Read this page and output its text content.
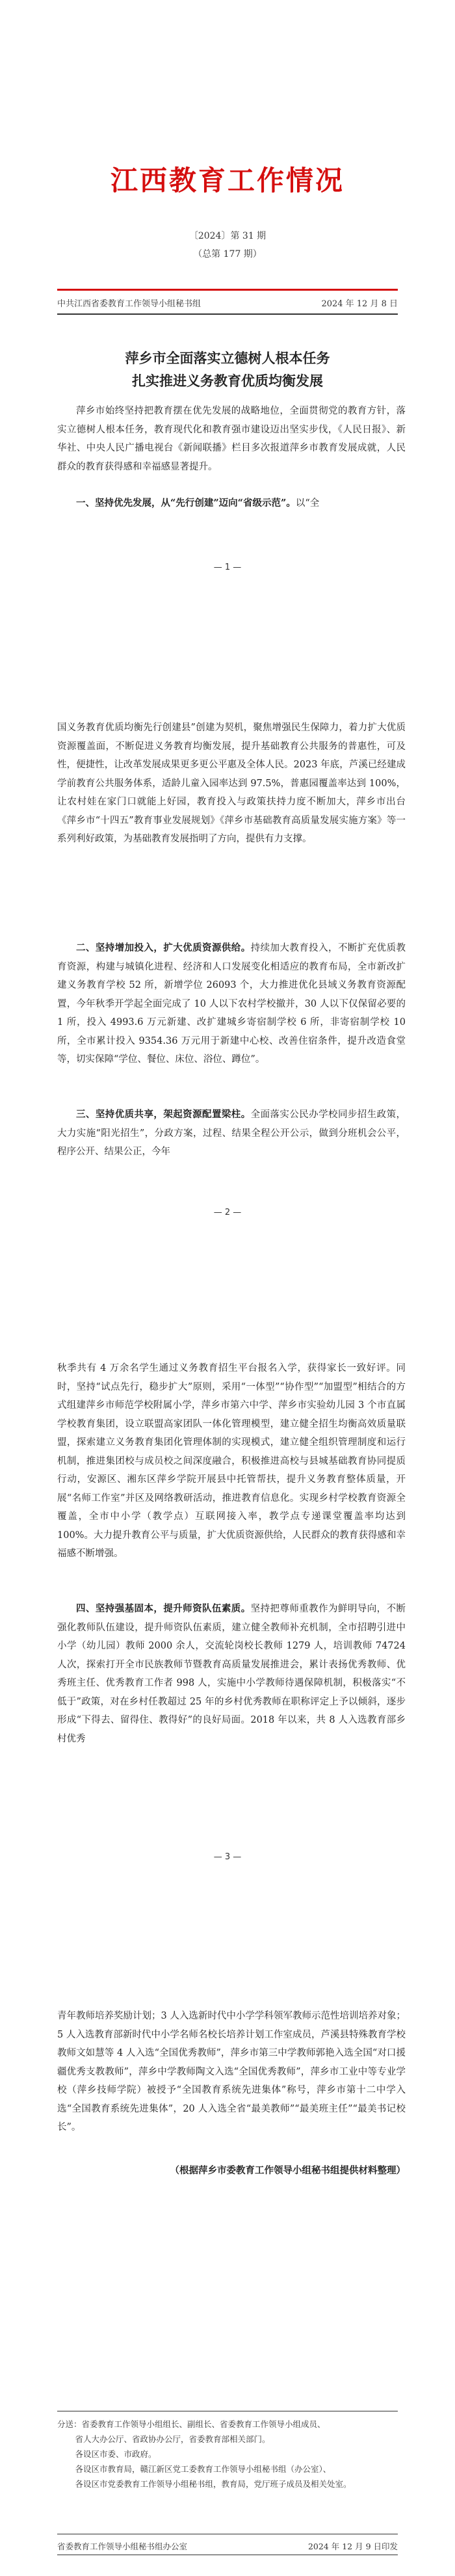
江西教育工作情况
〔2024〕第 31 期
（总第 177 期）
中共江西省委教育工作领导小组秘书组	2024 年 12 月 8 日
萍乡市全面落实立德树人根本任务
扎实推进义务教育优质均衡发展

萍乡市始终坚持把教育摆在优先发展的战略地位，全面贯彻党的教育方针，落实立德树人根本任务，教育现代化和教育强市建设迈出坚实步伐，《人民日报》、新华社、中央人民广播电视台《新闻联播》栏目多次报道萍乡市教育发展成就，人民群众的教育获得感和幸福感显著提升。

一、坚持优先发展，从“先行创建”迈向“省级示范”。以“全

— 1 —

国义务教育优质均衡先行创建县”创建为契机，聚焦增强民生保障力，着力扩大优质资源覆盖面，不断促进义务教育均衡发展，提升基础教育公共服务的普惠性，可及性，便捷性，让改革发展成果更多更公平惠及全体人民。2023 年底，芦溪已经建成学前教育公共服务体系，适龄儿童入园率达到 97.5%，普惠园覆盖率达到 100%，让农村娃在家门口就能上好园，教育投入与政策扶持力度不断加大，萍乡市出台《萍乡市“十四五”教育事业发展规划》《萍乡市基础教育高质量发展实施方案》等一系列利好政策，为基础教育发展指明了方向，提供有力支撑。

二、坚持增加投入，扩大优质资源供给。持续加大教育投入，不断扩充优质教育资源，构建与城镇化进程、经济和人口发展变化相适应的教育布局，全市新改扩建义务教育学校 52 所，新增学位 26093 个，大力推进优化县域义务教育资源配置，今年秋季开学起全面完成了 10 人以下农村学校撤并，30 人以下仅保留必要的 1 所，投入 4993.6 万元新建、改扩建城乡寄宿制学校 6 所，非寄宿制学校 10 所，全市累计投入 9354.36 万元用于新建中心校、改善住宿条件，提升改造食堂等，切实保障“学位、餐位、床位、浴位、蹲位”。

三、坚持优质共享，架起资源配置梁柱。全面落实公民办学校同步招生政策，大力实施“阳光招生”，分政方案，过程、结果全程公开公示，做到分班机会公平，程序公开、结果公正，今年

— 2 —

秋季共有 4 万余名学生通过义务教育招生平台报名入学，获得家长一致好评。同时，坚持“试点先行，稳步扩大”原则，采用“一体型”“协作型”“加盟型”相结合的方式组建萍乡市师范学校附属小学，萍乡市第六中学、萍乡市实验幼儿园 3 个市直属学校教育集团，设立联盟高家团队一体化管理模型，建立健全招生均衡高效质量联盟，探索建立义务教育集团化管理体制的实现模式，建立健全组织管理制度和运行机制，推进集团校与成员校之间深度融合，积极推进高校与县城基础教育协同提质行动，安源区、湘东区萍乡学院开展县中托管帮扶，提升义务教育整体质量，开展“名师工作室”并区及网络教研活动，推进教育信息化。实现乡村学校教育资源全覆盖，全市中小学（教学点）互联网接入率，教学点专递课堂覆盖率均达到 100%。大力提升教育公平与质量，扩大优质资源供给，人民群众的教育获得感和幸福感不断增强。

四、坚持强基固本，提升师资队伍素质。坚持把尊师重教作为鲜明导向，不断强化教师队伍建设，提升师资队伍素质，建立健全教师补充机制，全市招聘引进中小学（幼儿园）教师 2000 余人，交流轮岗校长教师 1279 人，培训教师 74724 人次，探索打开全市民族教师节暨教育高质量发展推进会，累计表扬优秀教师、优秀班主任、优秀教育工作者 998 人，实施中小学教师待遇保障机制，积极落实“不低于”政策，对在乡村任教超过 25 年的乡村优秀教师在职称评定上予以倾斜，逐步形成“下得去、留得住、教得好”的良好局面。2018 年以来，共 8 人入选教育部乡村优秀

— 3 —

青年教师培养奖励计划；3 人入选新时代中小学学科领军教师示范性培训培养对象；5 人入选教育部新时代中小学名师名校长培养计划工作室成员，芦溪县特殊教育学校教师文如慧等 4 人入选“全国优秀教师”，萍乡市第三中学教师郭艳入选全国“对口援疆优秀支教教师”，萍乡中学教师陶文入选“全国优秀教师”，萍乡市工业中等专业学校（萍乡技师学院）被授予“全国教育系统先进集体”称号，萍乡市第十二中学入选“全国教育系统先进集体”，20 人入选全省“最美教师”“最美班主任”“最美书记校长”。

（根据萍乡市委教育工作领导小组秘书组提供材料整理）

分送：省委教育工作领导小组组长、副组长、省委教育工作领导小组成员、
省人大办公厅、省政协办公厅，省委教育部相关部门。
各设区市委、市政府。
各设区市教育局，赣江新区党工委教育工作领导小组秘书组（办公室）、
各设区市党委教育工作领导小组秘书组，教育局，党厅班子成员及相关处室。
省委教育工作领导小组秘书组办公室	2024 年 12 月 9 日印发
